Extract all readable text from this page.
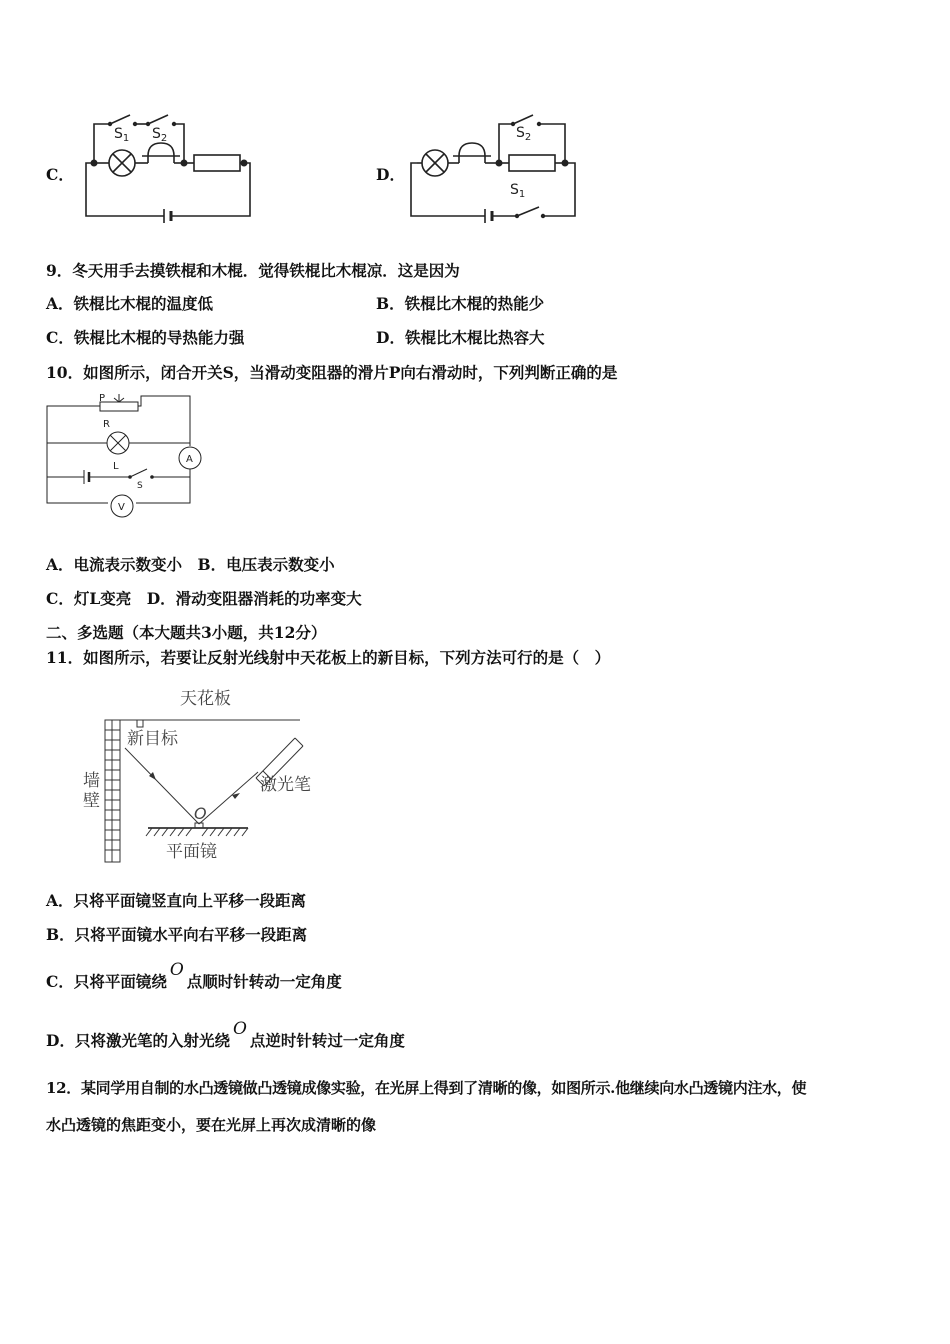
C．
$S_1$ $S_2$
D．
$S_2$
$S_1$
9．冬天用手去摸铁棍和木棍．觉得铁棍比木棍凉．这是因为
A．铁棍比木棍的温度低	B．铁棍比木棍的热能少
C．铁棍比木棍的导热能力强	D．铁棍比木棍比热容大
10．如图所示，闭合开关S，当滑动变阻器的滑片P向右滑动时，下列判断正确的是
P
R
L
S
A
V
A．电流表示数变小　B．电压表示数变小
C．灯L变亮　D．滑动变阻器消耗的功率变大
二、多选题（本大题共3小题，共12分）
11．如图所示，若要让反射光线射中天花板上的新目标，下列方法可行的是（　）
天花板
新目标
墙
壁
激光笔
O
平面镜
A．只将平面镜竖直向上平移一段距离
B．只将平面镜水平向右平移一段距离
C．只将平面镜绕O点顺时针转动一定角度
D．只将激光笔的入射光绕O点逆时针转过一定角度
12．某同学用自制的水凸透镜做凸透镜成像实验，在光屏上得到了清晰的像，如图所示.他继续向水凸透镜内注水，使
水凸透镜的焦距变小，要在光屏上再次成清晰的像
